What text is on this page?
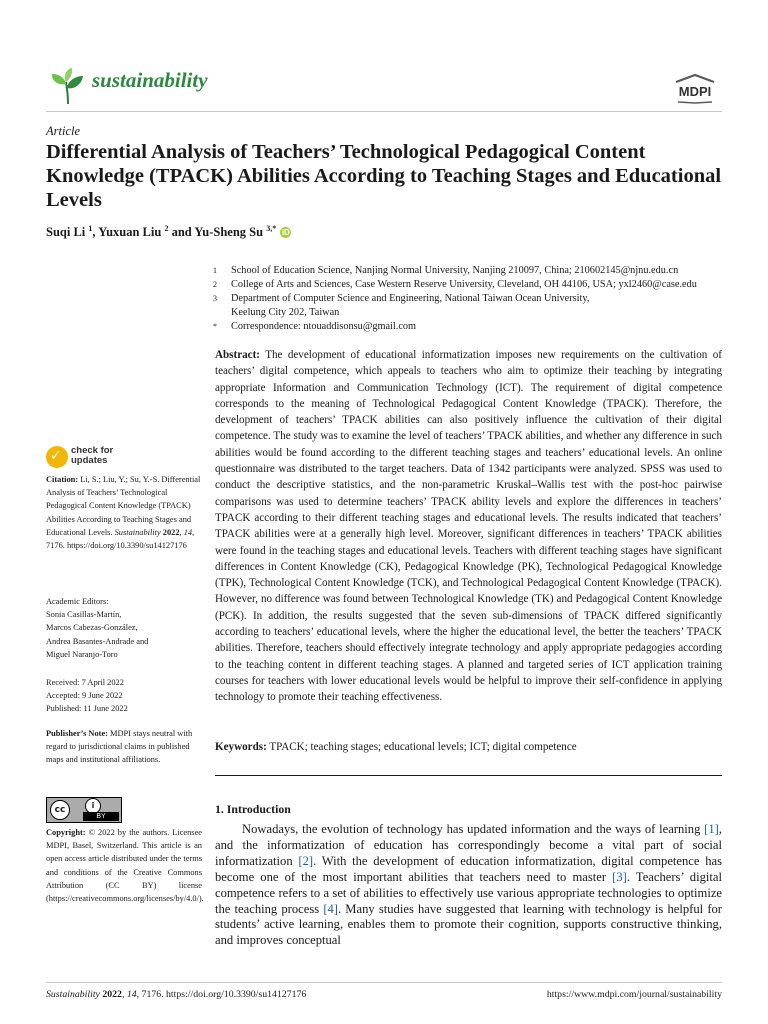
sustainability	MDPI
Article
Differential Analysis of Teachers’ Technological Pedagogical Content Knowledge (TPACK) Abilities According to Teaching Stages and Educational Levels
Suqi Li $^1$, Yuxuan Liu $^2$ and Yu-Sheng Su $^{3,*}$ iD
1	School of Education Science, Nanjing Normal University, Nanjing 210097, China; 210602145@njnu.edu.cn
2	College of Arts and Sciences, Case Western Reserve University, Cleveland, OH 44106, USA; yxl2460@case.edu
3	Department of Computer Science and Engineering, National Taiwan Ocean University,
Keelung City 202, Taiwan
*	Correspondence: ntouaddisonsu@gmail.com
Abstract: The development of educational informatization imposes new requirements on the cultivation of teachers’ digital competence, which appeals to teachers who aim to optimize their teaching by integrating appropriate Information and Communication Technology (ICT). The requirement of digital competence corresponds to the meaning of Technological Pedagogical Content Knowledge (TPACK). Therefore, the development of teachers’ TPACK abilities can also positively influence the cultivation of their digital competence. The study was to examine the level of teachers’ TPACK abilities, and whether any difference in such abilities would be found according to the different teaching stages and teachers’ educational levels. An online questionnaire was distributed to the target teachers. Data of 1342 participants were analyzed. SPSS was used to conduct the descriptive statistics, and the non-parametric Kruskal–Wallis test with the post-hoc pairwise comparisons was used to determine teachers’ TPACK ability levels and explore the differences in teachers’ TPACK according to their different teaching stages and educational levels. The results indicated that teachers’ TPACK abilities were at a generally high level. Moreover, significant differences in teachers’ TPACK abilities were found in the teaching stages and educational levels. Teachers with different teaching stages have significant differences in Content Knowledge (CK), Pedagogical Knowledge (PK), Technological Pedagogical Knowledge (TPK), Technological Content Knowledge (TCK), and Technological Pedagogical Content Knowledge (TPACK). However, no difference was found between Technological Knowledge (TK) and Pedagogical Content Knowledge (PCK). In addition, the results suggested that the seven sub-dimensions of TPACK differed significantly according to teachers’ educational levels, where the higher the educational level, the better the teachers’ TPACK abilities. Therefore, teachers should effectively integrate technology and apply appropriate pedagogies according to the teaching content in different teaching stages. A planned and targeted series of ICT application training courses for teachers with lower educational levels would be helpful to improve their self-confidence in applying technology to promote their teaching effectiveness.
Keywords: TPACK; teaching stages; educational levels; ICT; digital competence
✓ check for
updates
Citation: Li, S.; Liu, Y.; Su, Y.-S. Differential Analysis of Teachers’ Technological Pedagogical Content Knowledge (TPACK) Abilities According to Teaching Stages and Educational Levels. Sustainability 2022, 14, 7176. https://doi.org/10.3390/su14127176
Academic Editors:
Sonia Casillas-Martín,
Marcos Cabezas-González,
Andrea Basantes-Andrade and
Miguel Naranjo-Toro
Received: 7 April 2022
Accepted: 9 June 2022
Published: 11 June 2022
Publisher’s Note: MDPI stays neutral with regard to jurisdictional claims in published maps and institutional affiliations.
cc	i
BY
Copyright: © 2022 by the authors. Licensee MDPI, Basel, Switzerland. This article is an open access article distributed under the terms and conditions of the Creative Commons Attribution (CC BY) license (https://creativecommons.org/licenses/by/4.0/).
1. Introduction
Nowadays, the evolution of technology has updated information and the ways of learning [1], and the informatization of education has correspondingly become a vital part of social informatization [2]. With the development of education informatization, digital competence has become one of the most important abilities that teachers need to master [3]. Teachers’ digital competence refers to a set of abilities to effectively use various appropriate technologies to optimize the teaching process [4]. Many studies have suggested that learning with technology is helpful for students’ active learning, enables them to promote their cognition, supports constructive thinking, and improves conceptual
Sustainability 2022, 14, 7176. https://doi.org/10.3390/su14127176	https://www.mdpi.com/journal/sustainability
